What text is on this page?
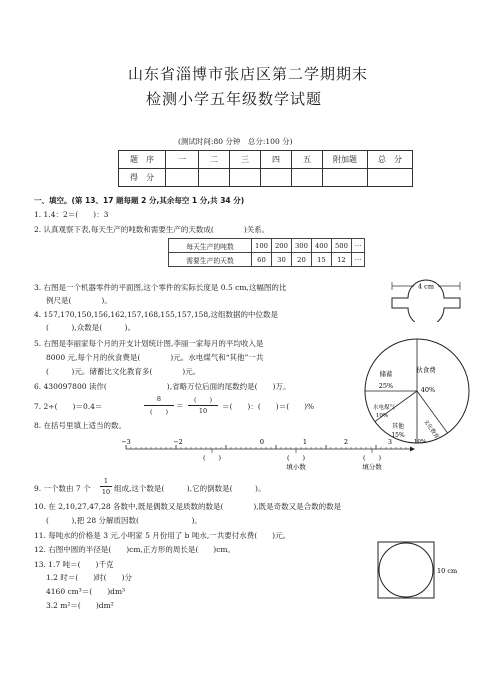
山东省淄博市张店区第二学期期末
检测小学五年级数学试题
(测试时间:80 分钟　总分:100 分)
题　序	一	二	三	四	五	附加题	总　分
得　分							
一、填空。(第 13、17 题每题 2 分,其余每空 1 分,共 34 分)
1. 1.4：2＝(　　)：3
2. 认真观察下表,每天生产的吨数和需要生产的天数成(　　　　)关系。
每天生产的吨数	100	200	300	400	500	···
需要生产的天数	60	30	20	15	12	···
3. 右图是一个机器零件的平面图,这个零件的实际长度是 0.5 cm,这幅图的比
例尺是(　　　　)。
4 cm
4. 157,170,150,156,162,157,168,155,157,158,这组数据的中位数是
(　　　),众数是(　　　)。
5. 右图是李丽家每个月的开支计划统计图,李丽一家每月的平均收入是
8000 元,每个月的伙食费是(　　　　)元。水电煤气和“其他”一共
(　　　)元。储蓄比文化教育多(　　　　)元。
6. 430097800 读作(　　　　　　　　),省略万位后面的尾数约是(　　)万。
7. 2÷(　　)＝0.4＝
8
(　　)
＝
(　　)
10	＝(　　)：(　　)＝(　　)%
8. 在括号里填上适当的数。
伙食费
40%
储蓄
25%
水电煤气
10%
其他
15%	文化教育
10%
−3	−2	0	1	2	3
(　　)	(　　)	(　　)
填小数	填分数
9. 一个数由 7 个
1
10 组成,这个数是(　　　),它的倒数是(　　　)。
10. 在 2,10,27,47,28 各数中,既是偶数又是质数的数是(　　　　),既是奇数又是合数的数是
(　　　),把 28 分解质因数(　　　　　　　)。
11. 每吨水的价格是 3 元,小明家 5 月份用了 b 吨水,一共要付水费(　　)元。
12. 右图中圆的半径是(　　)cm,正方形的周长是(　　)cm。
13. 1.7 吨＝(　　)千克
1.2 时＝(　　)时(　　)分
4160 cm³＝(　　)dm³
3.2 m²＝(　　)dm²
10 cm
